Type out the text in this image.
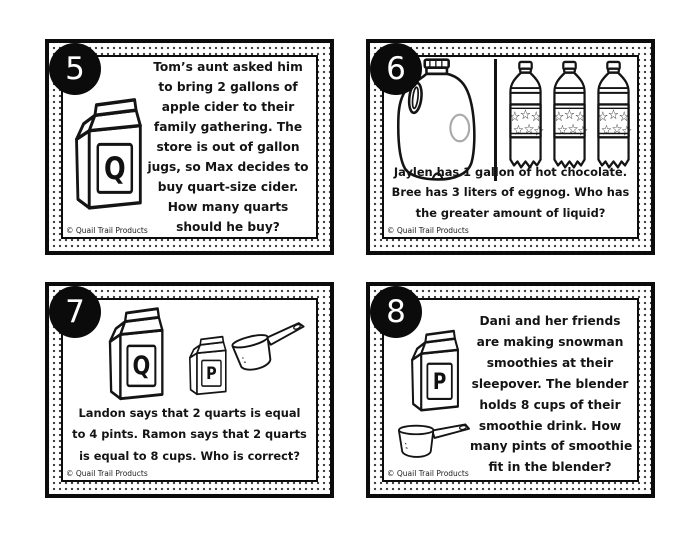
Q
Tom’s aunt asked him
to bring 2 gallons of
apple cider to their
family gathering. The
store is out of gallon
jugs, so Max decides to
buy quart-size cider.
How many quarts
should he buy?
© Quail Trail Products
5
Jaylen has 1 gallon of hot chocolate.
Bree has 3 liters of eggnog. Who has
the greater amount of liquid?
© Quail Trail Products
6
Q P
Landon says that 2 quarts is equal
to 4 pints. Ramon says that 2 quarts
is equal to 8 cups. Who is correct?
© Quail Trail Products
7
P
Dani and her friends
are making snowman
smoothies at their
sleepover. The blender
holds 8 cups of their
smoothie drink. How
many pints of smoothie
fit in the blender?
© Quail Trail Products
8
